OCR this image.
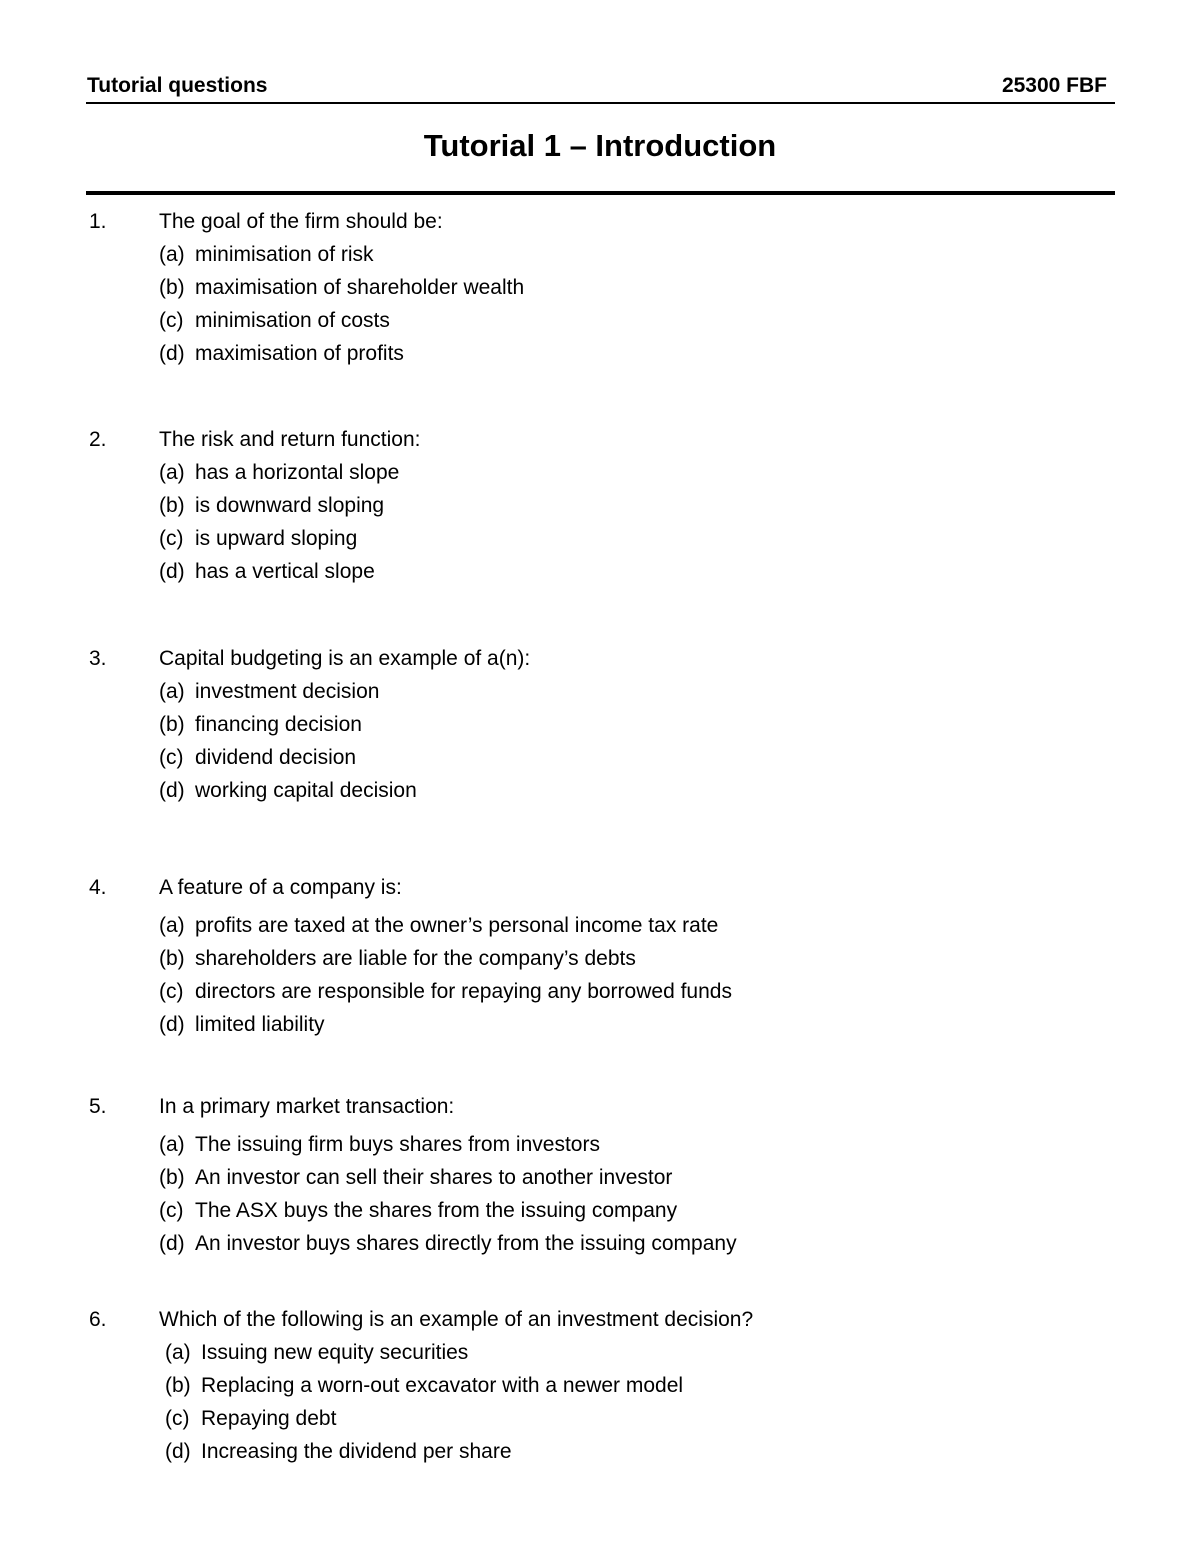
Tutorial questions	25300 FBF
Tutorial 1 – Introduction
1. The goal of the firm should be:
(a) minimisation of risk
(b) maximisation of shareholder wealth
(c) minimisation of costs
(d) maximisation of profits
2. The risk and return function:
(a) has a horizontal slope
(b) is downward sloping
(c) is upward sloping
(d) has a vertical slope
3. Capital budgeting is an example of a(n):
(a) investment decision
(b) financing decision
(c) dividend decision
(d) working capital decision
4. A feature of a company is:
(a) profits are taxed at the owner’s personal income tax rate
(b) shareholders are liable for the company’s debts
(c) directors are responsible for repaying any borrowed funds
(d) limited liability
5. In a primary market transaction:
(a) The issuing firm buys shares from investors
(b) An investor can sell their shares to another investor
(c) The ASX buys the shares from the issuing company
(d) An investor buys shares directly from the issuing company
6. Which of the following is an example of an investment decision?
(a) Issuing new equity securities
(b) Replacing a worn-out excavator with a newer model
(c) Repaying debt
(d) Increasing the dividend per share
